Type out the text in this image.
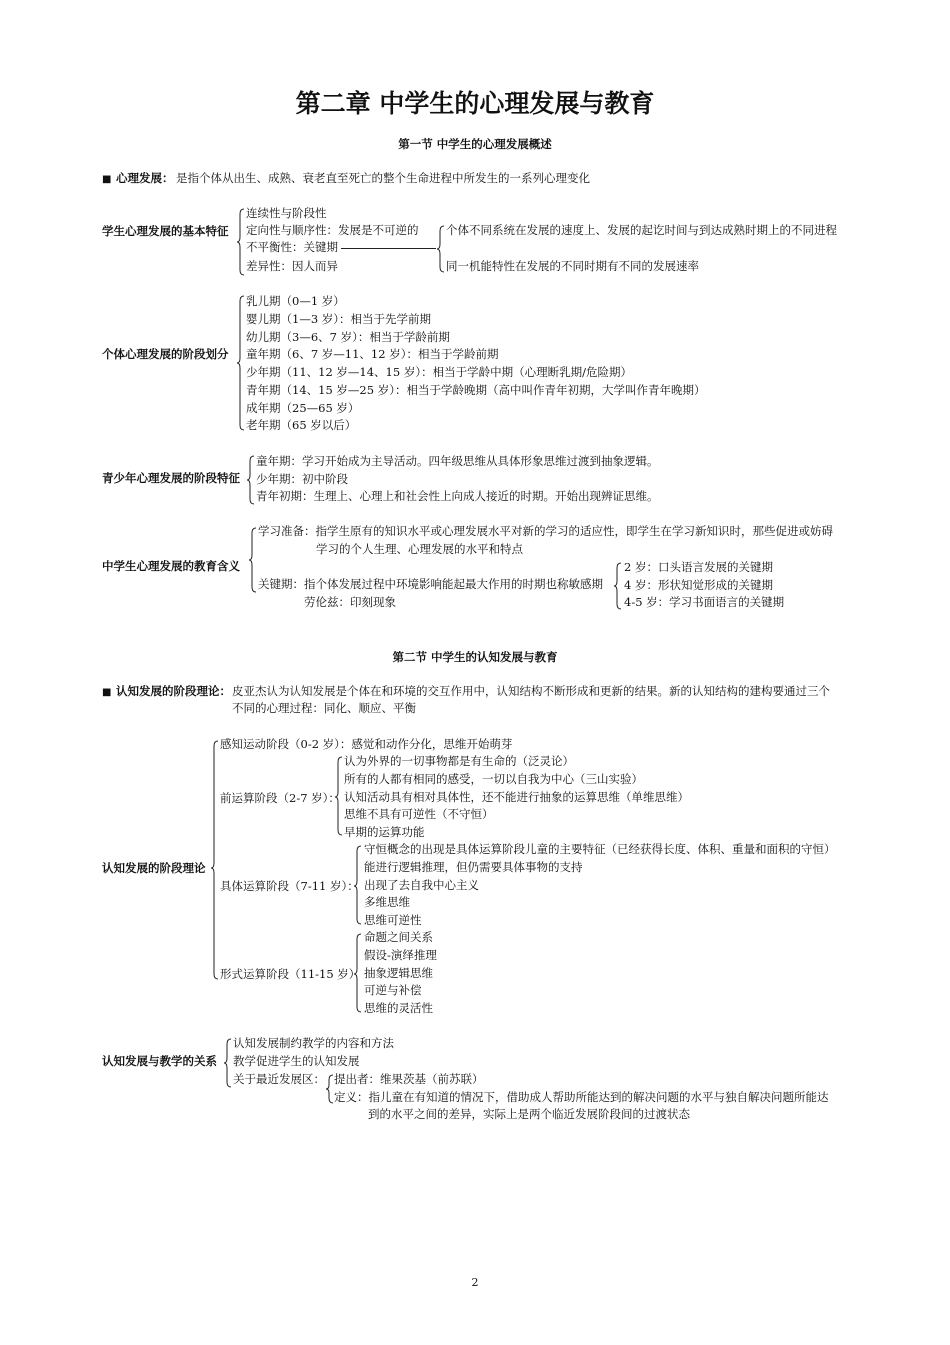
第二章 中学生的心理发展与教育
第一节 中学生的心理发展概述
■ 心理发展： 是指个体从出生、成熟、衰老直至死亡的整个生命进程中所发生的一系列心理变化
学生心理发展的基本特征
连续性与阶段性
定向性与顺序性：发展是不可逆的
不平衡性：关键期
差异性：因人而异
个体不同系统在发展的速度上、发展的起讫时间与到达成熟时期上的不同进程
同一机能特性在发展的不同时期有不同的发展速率
个体心理发展的阶段划分
乳儿期（0—1 岁）
婴儿期（1—3 岁）：相当于先学前期
幼儿期（3—6、7 岁）：相当于学龄前期
童年期（6、7 岁—11、12 岁）：相当于学龄前期
少年期（11、12 岁—14、15 岁）：相当于学龄中期（心理断乳期/危险期）
青年期（14、15 岁—25 岁）：相当于学龄晚期（高中叫作青年初期，大学叫作青年晚期）
成年期（25—65 岁）
老年期（65 岁以后）
青少年心理发展的阶段特征
童年期：学习开始成为主导活动。四年级思维从具体形象思维过渡到抽象逻辑。
少年期：初中阶段
青年初期：生理上、心理上和社会性上向成人接近的时期。开始出现辨证思维。
中学生心理发展的教育含义
学习准备：指学生原有的知识水平或心理发展水平对新的学习的适应性，即学生在学习新知识时，那些促进或妨碍
学习的个人生理、心理发展的水平和特点
关键期：指个体发展过程中环境影响能起最大作用的时期也称敏感期
劳伦兹：印刻现象
2 岁：口头语言发展的关键期
4 岁：形状知觉形成的关键期
4-5 岁：学习书面语言的关键期
第二节 中学生的认知发展与教育
■ 认知发展的阶段理论： 皮亚杰认为认知发展是个体在和环境的交互作用中，认知结构不断形成和更新的结果。新的认知结构的建构要通过三个
不同的心理过程：同化、顺应、平衡
认知发展的阶段理论
感知运动阶段（0-2 岁）：感觉和动作分化，思维开始萌芽
前运算阶段（2-7 岁）：
认为外界的一切事物都是有生命的（泛灵论）
所有的人都有相同的感受，一切以自我为中心（三山实验）
认知活动具有相对具体性，还不能进行抽象的运算思维（单维思维）
思维不具有可逆性（不守恒）
早期的运算功能
具体运算阶段（7-11 岁）：
守恒概念的出现是具体运算阶段儿童的主要特征（已经获得长度、体积、重量和面积的守恒）
能进行逻辑推理，但仍需要具体事物的支持
出现了去自我中心主义
多维思维
思维可逆性
形式运算阶段（11-15 岁）
命题之间关系
假设-演绎推理
抽象逻辑思维
可逆与补偿
思维的灵活性
认知发展与教学的关系
认知发展制约教学的内容和方法
教学促进学生的认知发展
关于最近发展区： 提出者：维果茨基（前苏联）
定义：指儿童在有知道的情况下，借助成人帮助所能达到的解决问题的水平与独自解决问题所能达
到的水平之间的差异，实际上是两个临近发展阶段间的过渡状态
2
